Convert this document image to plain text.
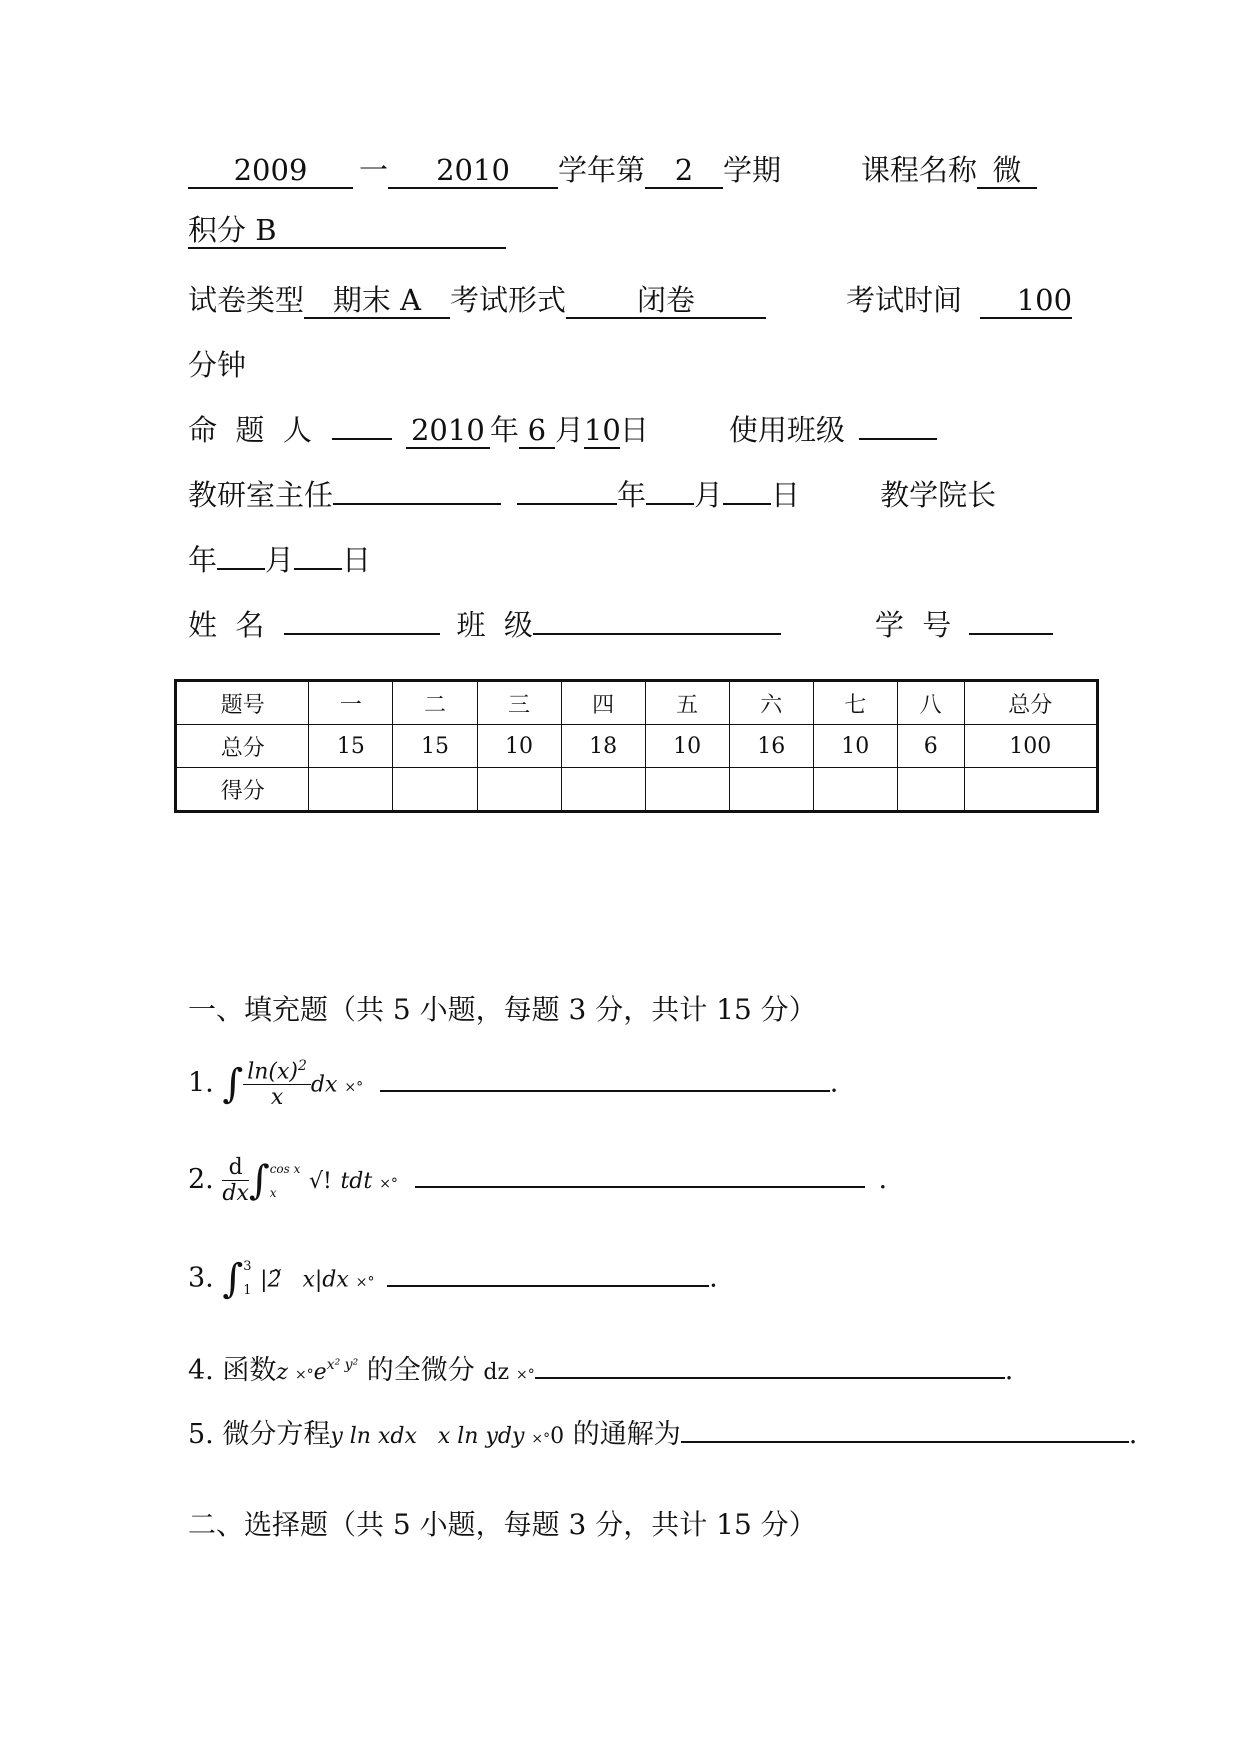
2009 一 2010 学年第 2 学期	课程名称 微
积分 B
试卷类型 期末 A 考试形式 闭卷	考试时间 100
分钟
命  题  人	2010 年 6 月10日	使用班级
教研室主任	年 月 日	教学院长
年 月 日
姓  名	班  级	学  号
题号	一	二	三	四	五	六	七	八	总分
总分	15	15	10	18	10	16	10	6	100
得分									
一、填充题（共 5 小题，每题 3 分，共计 15 分）
1. ∫ $\frac{\ln(x)^2}{x}$ dx ×°	.
2. $\frac{d}{dx}$ ∫ cos x
x	√! tdt ×°	.
3. ∫ 3
1 |2̃   x|dx ×°	.
4. 函数$z \times^\circ e^{x^2 y^2}$ 的全微分 dz ×°	.
5. 微分方程y ln xdx   x ln ydy ×°0 的通解为	.
二、选择题（共 5 小题，每题 3 分，共计 15 分）
